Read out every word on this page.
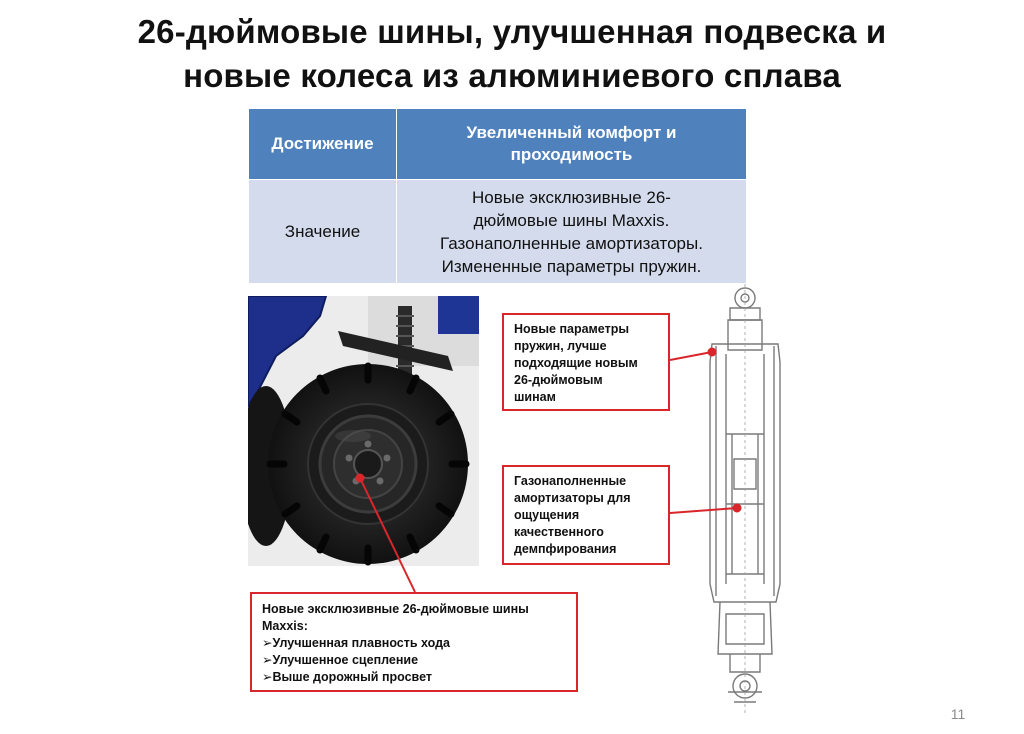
26-дюймовые шины, улучшенная подвеска и
новые колеса из алюминиевого сплава
Достижение	Увеличенный комфорт и
проходимость

Значение	Новые эксклюзивные 26-
дюймовые шины Maxxis.
Газонаполненные амортизаторы.
Измененные параметры пружин.
Новые параметры
пружин, лучше
подходящие новым
26-дюймовым
шинам
Газонаполненные
амортизаторы для
ощущения
качественного
демпфирования
Новые эксклюзивные 26-дюймовые шины
Maxxis:
➢Улучшенная плавность хода
➢Улучшенное сцепление
➢Выше дорожный просвет
11
